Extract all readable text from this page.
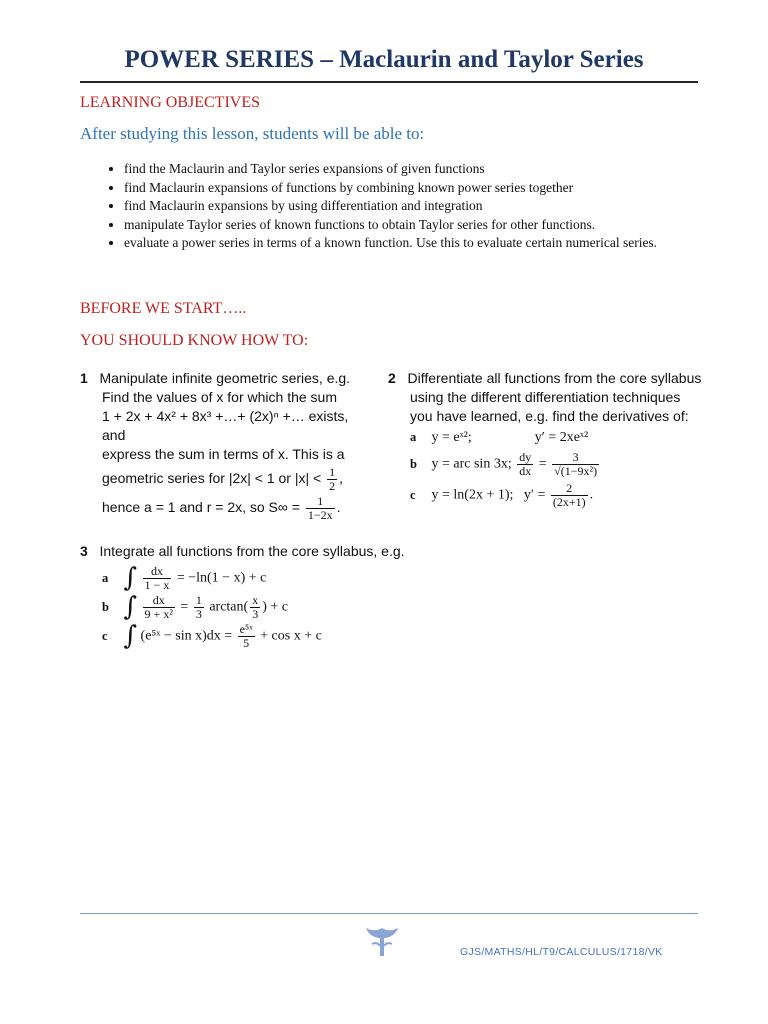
POWER SERIES – Maclaurin and Taylor Series
LEARNING OBJECTIVES
After studying this lesson, students will be able to:
• find the Maclaurin and Taylor series expansions of given functions
• find Maclaurin expansions of functions by combining known power series together
• find Maclaurin expansions by using differentiation and integration
• manipulate Taylor series of known functions to obtain Taylor series for other functions.
• evaluate a power series in terms of a known function. Use this to evaluate certain numerical series.
BEFORE WE START…..
YOU SHOULD KNOW HOW TO:
1 Manipulate infinite geometric series, e.g.
Find the values of x for which the sum
1 + 2x + 4x² + 8x³ +…+ (2x)ⁿ +… exists, and
express the sum in terms of x. This is a
geometric series for |2x| < 1 or $|x| < \frac{1}{2}$ ,
hence a = 1 and r = 2x, so $S\infty = \frac{1}{1-2x}$ .
2 Differentiate all functions from the core syllabus
using the different differentiation techniques
you have learned, e.g. find the derivatives of:
a y = eˣ²;	y′ = 2xeˣ²
b y = arc sin 3x; $\frac{dy}{dx} = \frac{3}{\text{√(1−9x²)}}$
c y = ln(2x + 1); $y' = \frac{2}{(2x+1)}$ .
3 Integrate all functions from the core syllabus, e.g.
a ∫ $\frac{dx}{1 - x} = -\ln(1 - x) + c$
b ∫ $\frac{dx}{\text{9 + x²}} = \frac{1}{3} \arctan( \frac{x}{3}$ ) + c
c ∫ (e⁵ˣ − $\sin x)dx = \frac{\text{e⁵ˣ}}{5} + \cos x + c$
GJS/MATHS/HL/T9/CALCULUS/1718/VK
